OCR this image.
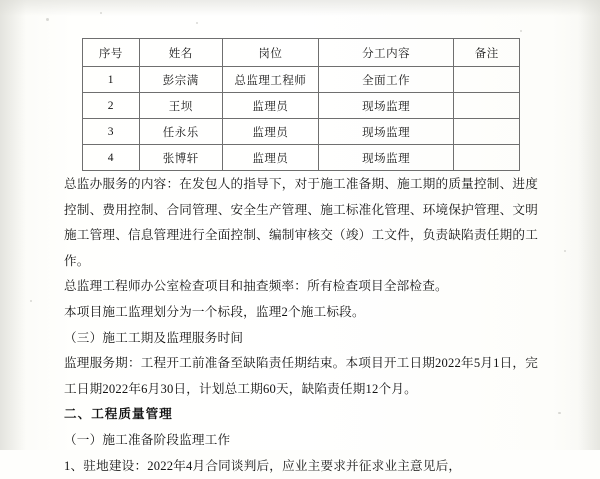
序号	姓名	岗位	分工内容	备注
1	彭宗满	总监理工程师	全面工作	
2	王坝	监理员	现场监理	
3	任永乐	监理员	现场监理	
4	张博轩	监理员	现场监理	

总监办服务的内容：在发包人的指导下，对于施工准备期、施工期的质量控制、进度控制、费用控制、合同管理、安全生产管理、施工标准化管理、环境保护管理、文明施工管理、信息管理进行全面控制、编制审核交（竣）工文件，负责缺陷责任期的工作。

总监理工程师办公室检查项目和抽查频率：所有检查项目全部检查。

本项目施工监理划分为一个标段，监理2个施工标段。

（三）施工工期及监理服务时间

监理服务期：工程开工前准备至缺陷责任期结束。本项目开工日期2022年5月1日，完工日期2022年6月30日，计划总工期60天，缺陷责任期12个月。

二、工程质量管理

（一）施工准备阶段监理工作

1、驻地建设：2022年4月合同谈判后，应业主要求并征求业主意见后，
